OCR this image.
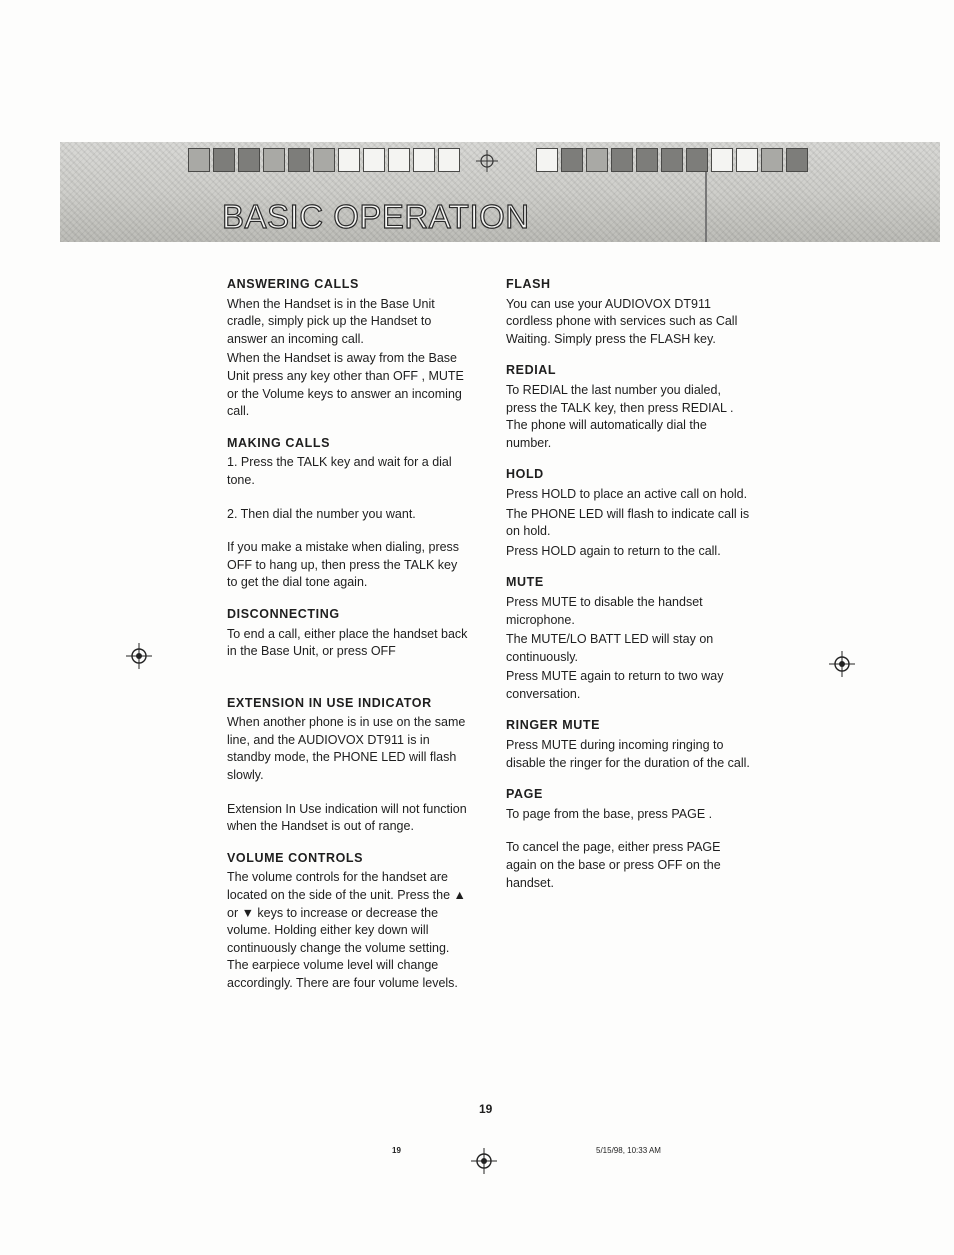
BASIC OPERATION
ANSWERING CALLS

When the Handset is in the Base Unit cradle, simply pick up the Handset to answer an incoming call.

When the Handset is away from the Base Unit press any key other than OFF , MUTE or the Volume keys to answer an incoming call.

MAKING CALLS

1. Press the TALK key and wait for a dial tone.

2. Then dial the number you want.

If you make a mistake when dialing, press OFF to hang up, then press the TALK key to get the dial tone again.

DISCONNECTING

To end a call, either place the handset back in the Base Unit, or press OFF

EXTENSION IN USE INDICATOR

When another phone is in use on the same line, and the AUDIOVOX DT911 is in standby mode, the PHONE LED will flash slowly.

Extension In Use indication will not function when the Handset is out of range.

VOLUME CONTROLS

The volume controls for the handset are located on the side of the unit. Press the ▲ or ▼ keys to increase or decrease the volume. Holding either key down will continuously change the volume setting. The earpiece volume level will change accordingly. There are four volume levels.

FLASH

You can use your AUDIOVOX DT911 cordless phone with services such as Call Waiting. Simply press the FLASH key.

REDIAL

To REDIAL the last number you dialed, press the TALK key, then press REDIAL . The phone will automatically dial the number.

HOLD

Press HOLD to place an active call on hold.

The PHONE LED will flash to indicate call is on hold.

Press HOLD again to return to the call.

MUTE

Press MUTE to disable the handset microphone.

The MUTE/LO BATT LED will stay on continuously.

Press MUTE again to return to two way conversation.

RINGER MUTE

Press MUTE during incoming ringing to disable the ringer for the duration of the call.

PAGE

To page from the base, press PAGE .

To cancel the page, either press PAGE again on the base or press OFF on the handset.

19
19	5/15/98, 10:33 AM
